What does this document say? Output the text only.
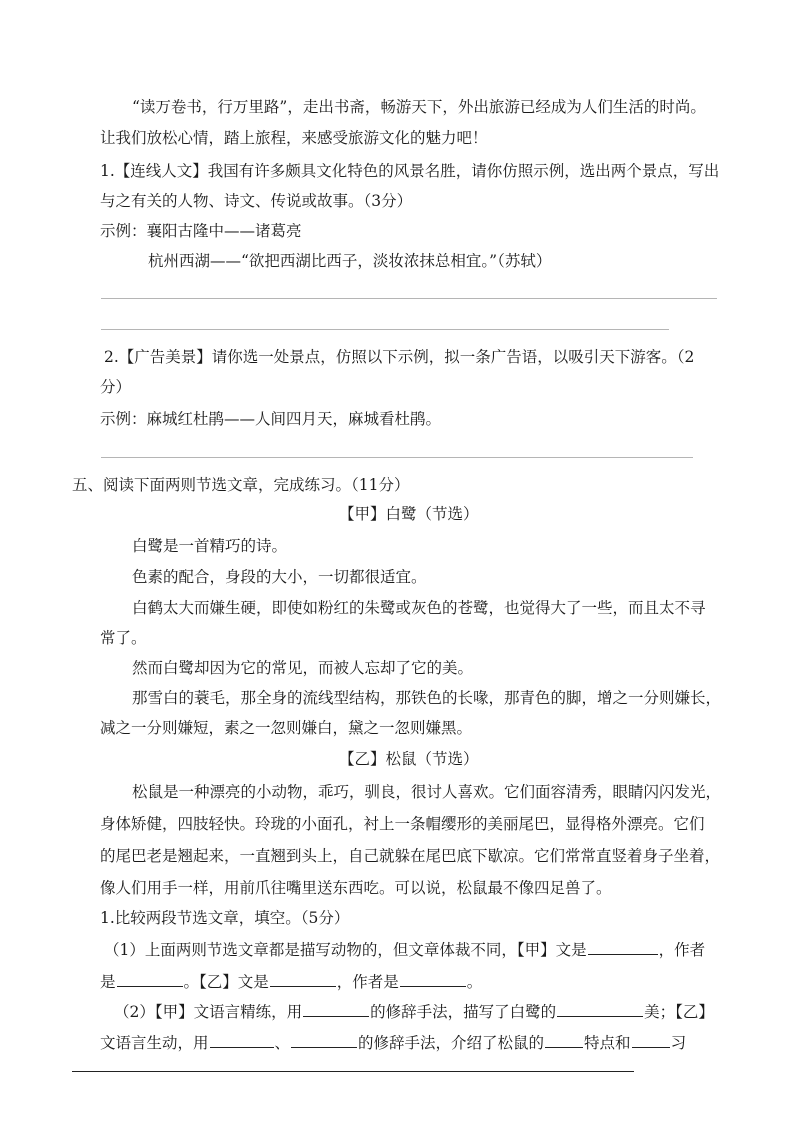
“读万卷书，行万里路”，走出书斋，畅游天下，外出旅游已经成为人们生活的时尚。
让我们放松心情，踏上旅程，来感受旅游文化的魅力吧！
1.【连线人文】我国有许多颇具文化特色的风景名胜，请你仿照示例，选出两个景点，写出
与之有关的人物、诗文、传说或故事。（3分）
示例：襄阳古隆中——诸葛亮
杭州西湖——“欲把西湖比西子，淡妆浓抹总相宜。”（苏轼）
2.【广告美景】请你选一处景点，仿照以下示例，拟一条广告语，以吸引天下游客。（2
分）
示例：麻城红杜鹃——人间四月天，麻城看杜鹃。
五、阅读下面两则节选文章，完成练习。（11分）
【甲】白鹭（节选）
白鹭是一首精巧的诗。
色素的配合，身段的大小，一切都很适宜。
白鹤太大而嫌生硬，即使如粉红的朱鹭或灰色的苍鹭，也觉得大了一些，而且太不寻
常了。
然而白鹭却因为它的常见，而被人忘却了它的美。
那雪白的蓑毛，那全身的流线型结构，那铁色的长喙，那青色的脚，增之一分则嫌长，
减之一分则嫌短，素之一忽则嫌白，黛之一忽则嫌黑。
【乙】松鼠（节选）
松鼠是一种漂亮的小动物，乖巧，驯良，很讨人喜欢。它们面容清秀，眼睛闪闪发光，
身体矫健，四肢轻快。玲珑的小面孔，衬上一条帽缨形的美丽尾巴，显得格外漂亮。它们
的尾巴老是翘起来，一直翘到头上，自己就躲在尾巴底下歇凉。它们常常直竖着身子坐着，
像人们用手一样，用前爪往嘴里送东西吃。可以说，松鼠最不像四足兽了。
1.比较两段节选文章，填空。（5分）
（1）上面两则节选文章都是描写动物的，但文章体裁不同，【甲】文是	，作者
是	。【乙】文是	，作者是	。
（2）【甲】文语言精练，用	的修辞手法，描写了白鹭的	美；【乙】
文语言生动，用	、	的修辞手法，介绍了松鼠的	特点和	习
